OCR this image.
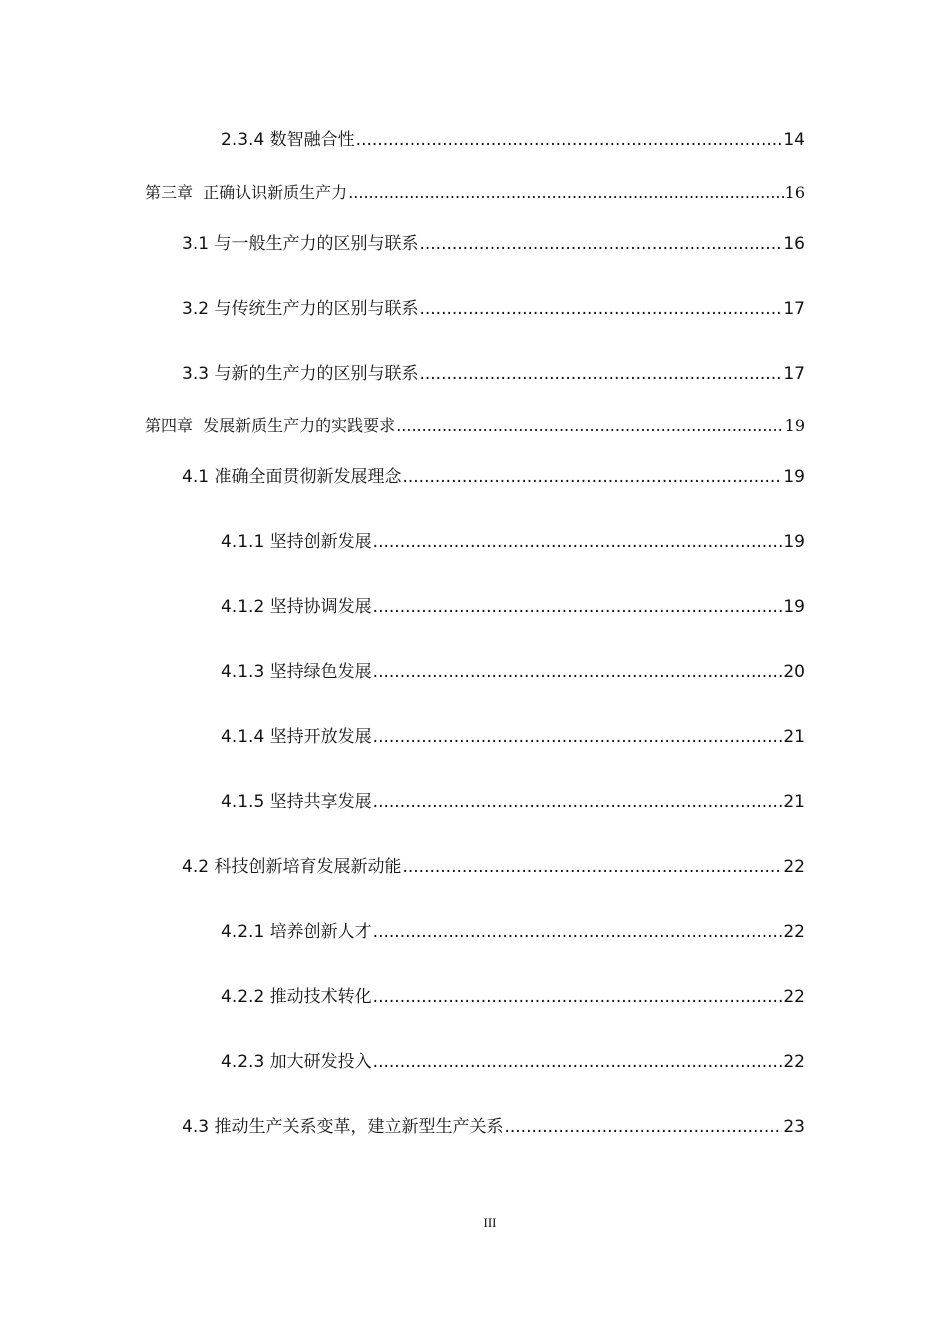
2.3.4 数智融合性 .....	14
第三章  正确认识新质生产力 .....	16
3.1 与一般生产力的区别与联系 .....	16
3.2 与传统生产力的区别与联系 .....	17
3.3 与新的生产力的区别与联系 .....	17
第四章  发展新质生产力的实践要求 .....	19
4.1 准确全面贯彻新发展理念 .....	19
4.1.1 坚持创新发展 .....	19
4.1.2 坚持协调发展 .....	19
4.1.3 坚持绿色发展 .....	20
4.1.4 坚持开放发展 .....	21
4.1.5 坚持共享发展 .....	21
4.2 科技创新培育发展新动能 .....	22
4.2.1 培养创新人才 .....	22
4.2.2 推动技术转化 .....	22
4.2.3 加大研发投入 .....	22
4.3 推动生产关系变革，建立新型生产关系 .....	23
III
